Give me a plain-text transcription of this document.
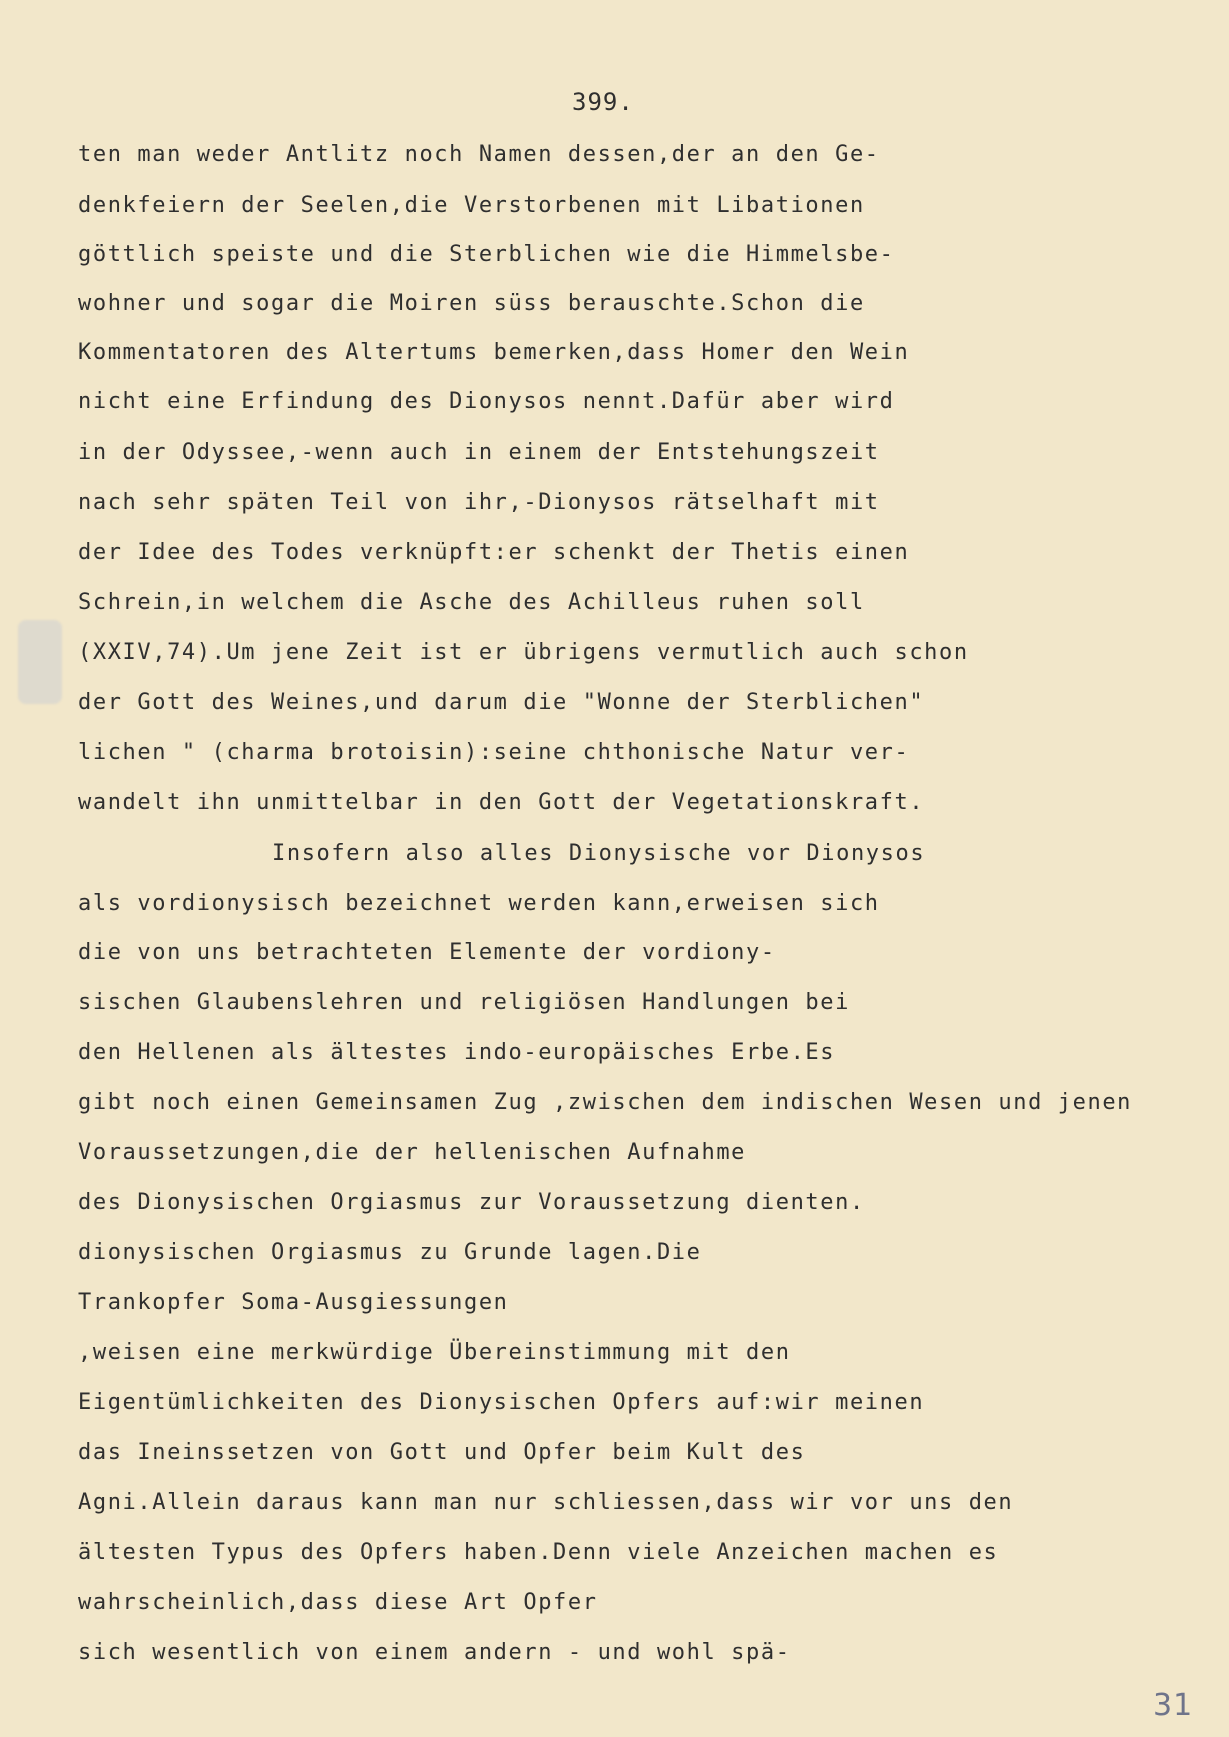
399.
ten man weder Antlitz noch Namen dessen,der an den Ge-
denkfeiern der Seelen,die Verstorbenen mit Libationen
göttlich speiste und die Sterblichen wie die Himmelsbe-
wohner und sogar die Moiren süss berauschte.Schon die
Kommentatoren des Altertums bemerken,dass Homer den Wein
nicht eine Erfindung des Dionysos nennt.Dafür aber wird
in der Odyssee,-wenn auch in einem der Entstehungszeit
nach sehr späten Teil von ihr,-Dionysos rätselhaft mit
der Idee des Todes verknüpft:er schenkt der Thetis einen
Schrein,in welchem die Asche des Achilleus ruhen soll
(XXIV,74).Um jene Zeit ist er übrigens vermutlich auch schon
der Gott des Weines,und darum die "Wonne der Sterblichen"
lichen " (charma brotoisin):seine chthonische Natur ver-
wandelt ihn unmittelbar in den Gott der Vegetationskraft.
Insofern also alles Dionysische vor Dionysos
als vordionysisch bezeichnet werden kann,erweisen sich
die von uns betrachteten Elemente der vordiony-
sischen Glaubenslehren und religiösen Handlungen bei
den Hellenen als ältestes indo-europäisches Erbe.Es
gibt noch einen Gemeinsamen Zug ,zwischen dem indischen Wesen und jenen
Voraussetzungen,die der hellenischen Aufnahme
des Dionysischen Orgiasmus zur Voraussetzung dienten.
dionysischen Orgiasmus zu Grunde lagen.Die
Trankopfer Soma-Ausgiessungen
,weisen eine merkwürdige Übereinstimmung mit den
Eigentümlichkeiten des Dionysischen Opfers auf:wir meinen
das Ineinssetzen von Gott und Opfer beim Kult des
Agni.Allein daraus kann man nur schliessen,dass wir vor uns den
ältesten Typus des Opfers haben.Denn viele Anzeichen machen es
wahrscheinlich,dass diese Art Opfer
sich wesentlich von einem andern - und wohl spä-
31
